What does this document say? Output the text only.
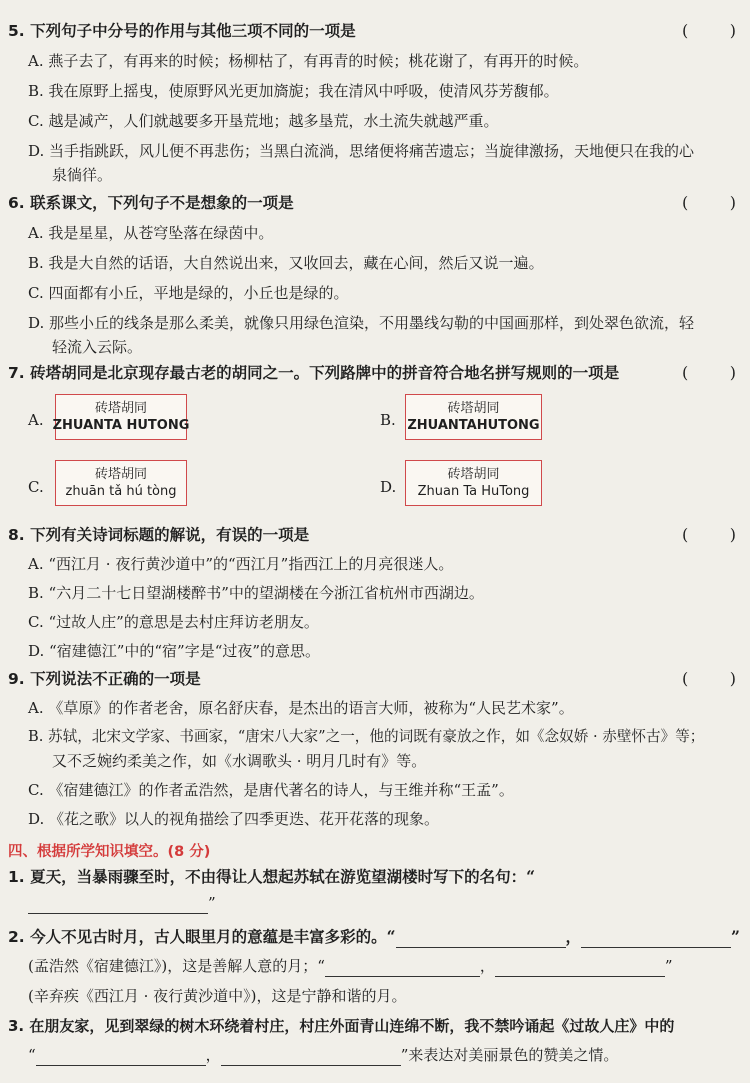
5. 下列句子中分号的作用与其他三项不同的一项是	(	)
A. 燕子去了，有再来的时候；杨柳枯了，有再青的时候；桃花谢了，有再开的时候。
B. 我在原野上摇曳，使原野风光更加旖旎；我在清风中呼吸，使清风芬芳馥郁。
C. 越是减产，人们就越要多开垦荒地；越多垦荒，水土流失就越严重。
D. 当手指跳跃，风儿便不再悲伤；当黑白流淌，思绪便将痛苦遗忘；当旋律激扬，天地便只在我的心
泉徜徉。
6. 联系课文，下列句子不是想象的一项是	(	)
A. 我是星星，从苍穹坠落在绿茵中。
B. 我是大自然的话语，大自然说出来，又收回去，藏在心间，然后又说一遍。
C. 四面都有小丘，平地是绿的，小丘也是绿的。
D. 那些小丘的线条是那么柔美，就像只用绿色渲染，不用墨线勾勒的中国画那样，到处翠色欲流，轻
轻流入云际。
7. 砖塔胡同是北京现存最古老的胡同之一。下列路牌中的拼音符合地名拼写规则的一项是	(	)
A.
砖塔胡同
ZHUANTA HUTONG	B.
砖塔胡同
ZHUANTAHUTONG
C.
砖塔胡同
zhuān tǎ hú tòng	D.
砖塔胡同
Zhuan Ta HuTong
8. 下列有关诗词标题的解说，有误的一项是	(	)
A. “西江月 · 夜行黄沙道中”的“西江月”指西江上的月亮很迷人。
B. “六月二十七日望湖楼醉书”中的望湖楼在今浙江省杭州市西湖边。
C. “过故人庄”的意思是去村庄拜访老朋友。
D. “宿建德江”中的“宿”字是“过夜”的意思。
9. 下列说法不正确的一项是	(	)
A. 《草原》的作者老舍，原名舒庆春，是杰出的语言大师，被称为“人民艺术家”。
B. 苏轼，北宋文学家、书画家，“唐宋八大家”之一，他的词既有豪放之作，如《念奴娇 · 赤壁怀古》等；
又不乏婉约柔美之作，如《水调歌头 · 明月几时有》等。
C. 《宿建德江》的作者孟浩然，是唐代著名的诗人，与王维并称“王孟”。
D. 《花之歌》以人的视角描绘了四季更迭、花开花落的现象。
四、根据所学知识填空。(8 分)
1. 夏天，当暴雨骤至时，不由得让人想起苏轼在游览望湖楼时写下的名句：“
”
2. 今人不见古时月，古人眼里月的意蕴是丰富多彩的。“	，	”
(孟浩然《宿建德江》)，这是善解人意的月；“	，	”
(辛弃疾《西江月 · 夜行黄沙道中》)，这是宁静和谐的月。
3. 在朋友家，见到翠绿的树木环绕着村庄，村庄外面青山连绵不断，我不禁吟诵起《过故人庄》中的
“	，	”来表达对美丽景色的赞美之情。
